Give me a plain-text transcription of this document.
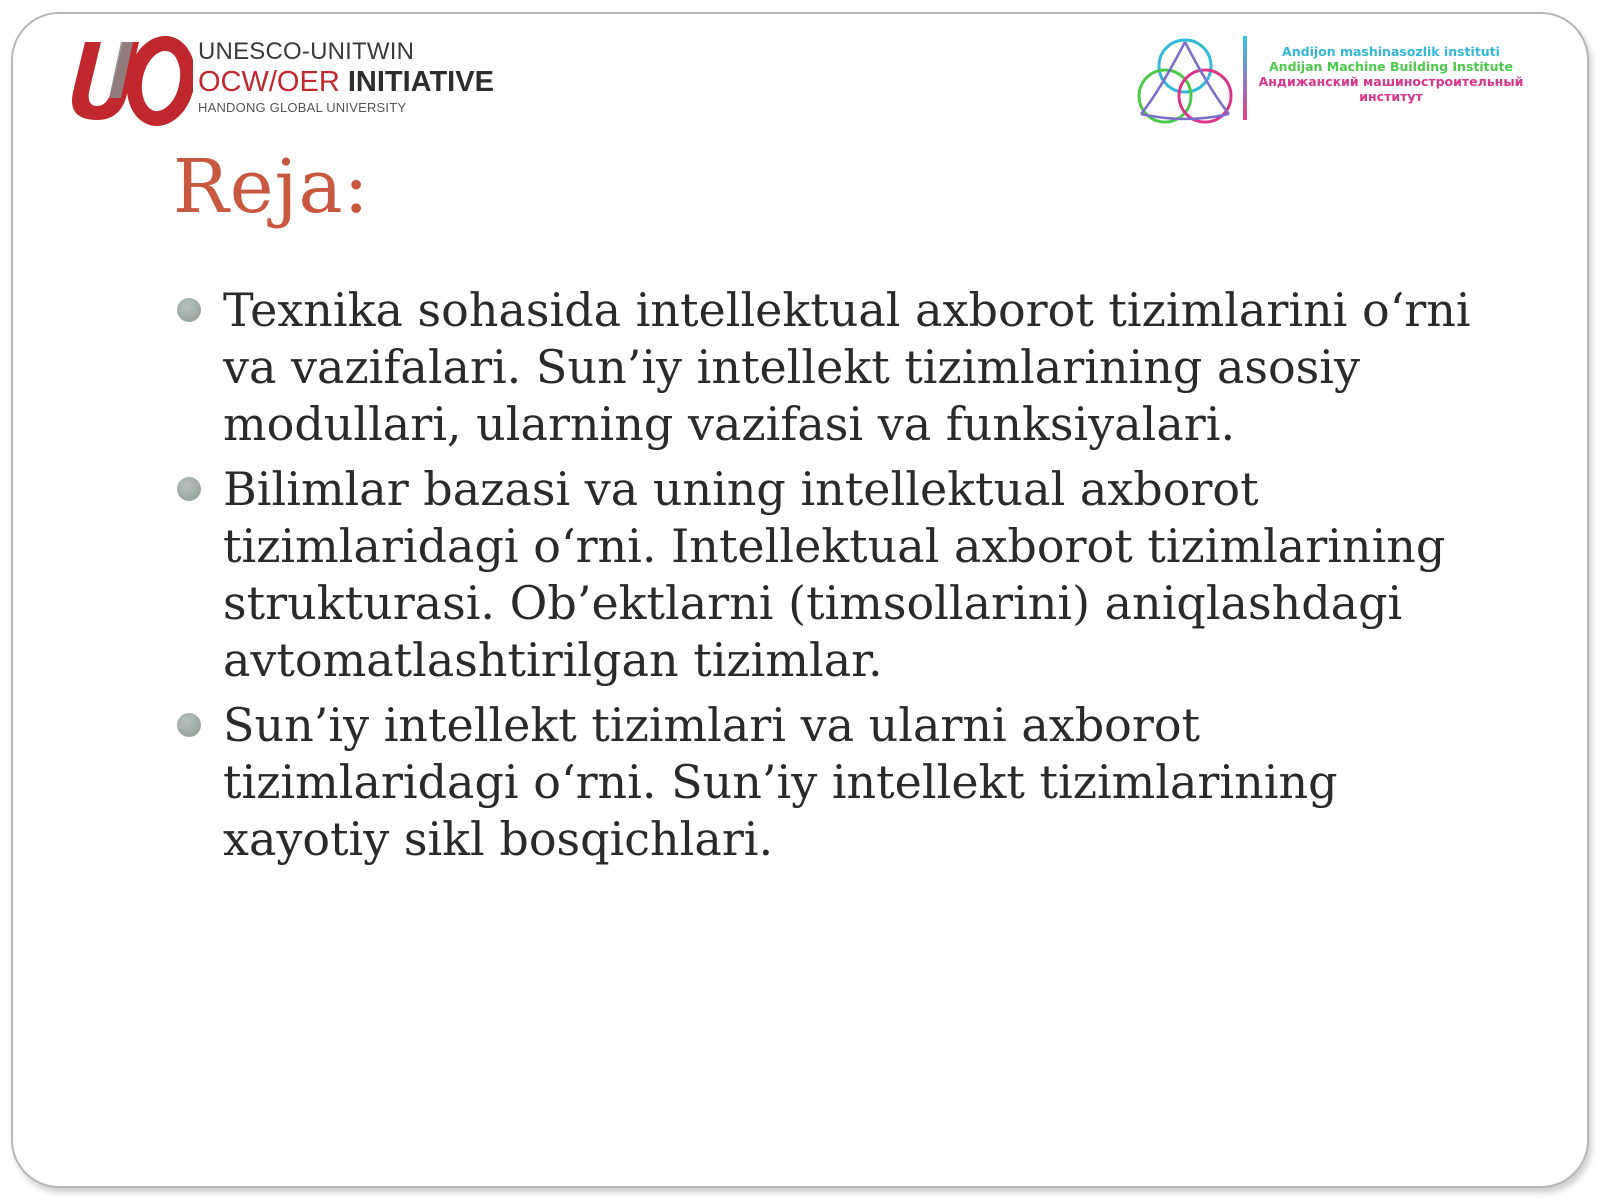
UNESCO-UNITWIN
OCW/OER INITIATIVE
HANDONG GLOBAL UNIVERSITY
Andijon mashinasozlik instituti
Andijan Machine Building Institute
Андижанский машиностроительный
институт
Reja:
Texnika sohasida intellektual axborot tizimlarini o‘rni va vazifalari. Sun’iy intellekt tizimlarining asosiy modullari, ularning vazifasi va funksiyalari.
Bilimlar bazasi va uning intellektual axborot tizimlaridagi o‘rni. Intellektual axborot tizimlarining strukturasi. Ob’ektlarni (timsollarini) aniqlashdagi avtomatlashtirilgan tizimlar.
Sun’iy intellekt tizimlari va ularni axborot tizimlaridagi o‘rni. Sun’iy intellekt tizimlarining xayotiy sikl bosqichlari.
